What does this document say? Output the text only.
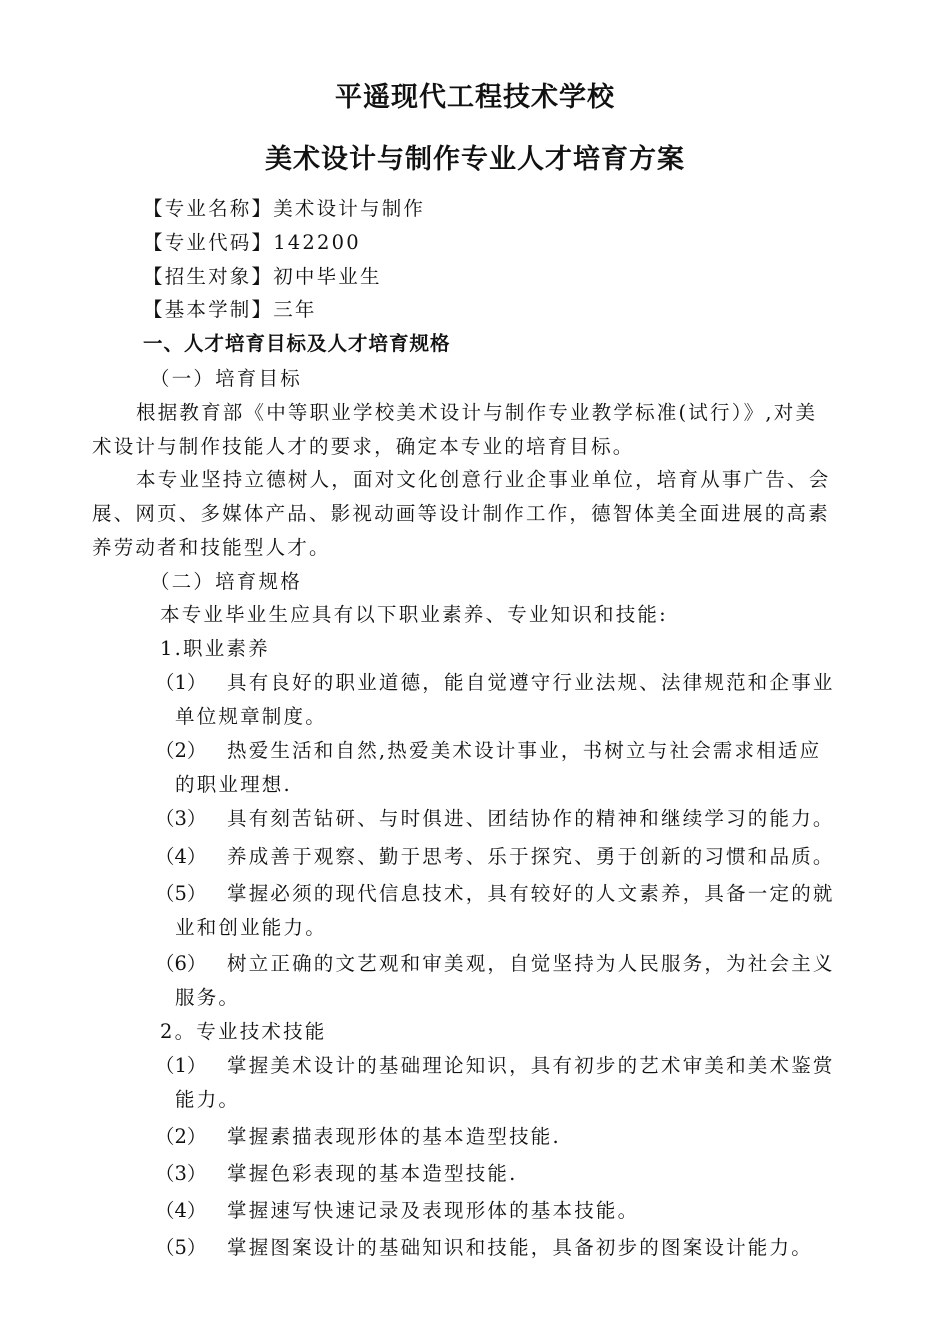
平遥现代工程技术学校
美术设计与制作专业人才培育方案
【专业名称】美术设计与制作
【专业代码】142200
【招生对象】初中毕业生
【基本学制】三年
一、人才培育目标及人才培育规格
（一）培育目标
根据教育部《中等职业学校美术设计与制作专业教学标准(试行）》,对美
术设计与制作技能人才的要求，确定本专业的培育目标。
本专业坚持立德树人，面对文化创意行业企事业单位，培育从事广告、会
展、网页、多媒体产品、影视动画等设计制作工作，德智体美全面进展的高素
养劳动者和技能型人才。
（二）培育规格
本专业毕业生应具有以下职业素养、专业知识和技能:
1.职业素养
（1） 具有良好的职业道德，能自觉遵守行业法规、法律规范和企事业
单位规章制度。
（2） 热爱生活和自然,热爱美术设计事业，书树立与社会需求相适应
的职业理想.
（3） 具有刻苦钻研、与时俱进、团结协作的精神和继续学习的能力。
（4） 养成善于观察、勤于思考、乐于探究、勇于创新的习惯和品质。
（5） 掌握必须的现代信息技术，具有较好的人文素养，具备一定的就
业和创业能力。
（6） 树立正确的文艺观和审美观，自觉坚持为人民服务，为社会主义
服务。
2。专业技术技能
（1） 掌握美术设计的基础理论知识，具有初步的艺术审美和美术鉴赏
能力。
（2） 掌握素描表现形体的基本造型技能.
（3） 掌握色彩表现的基本造型技能.
（4） 掌握速写快速记录及表现形体的基本技能。
（5） 掌握图案设计的基础知识和技能，具备初步的图案设计能力。
